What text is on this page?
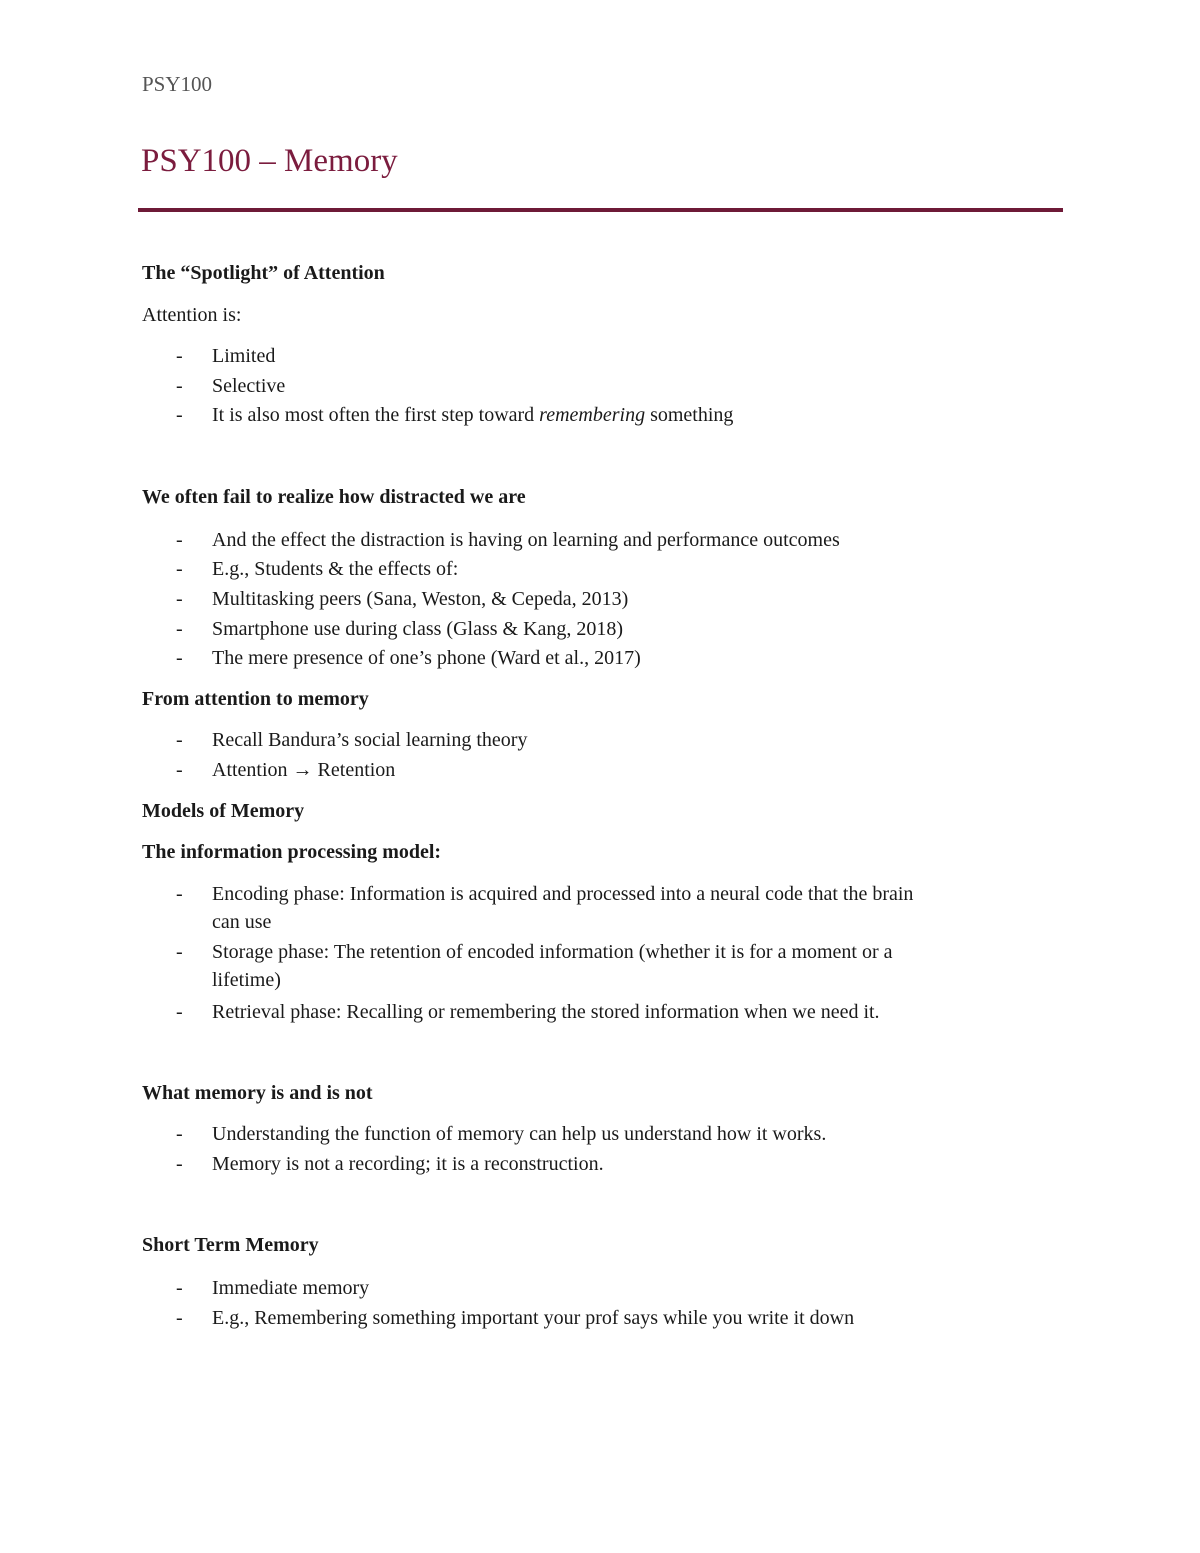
PSY100
PSY100 – Memory
The “Spotlight” of Attention
Attention is:
- Limited
- Selective
- It is also most often the first step toward remembering something
We often fail to realize how distracted we are
- And the effect the distraction is having on learning and performance outcomes
- E.g., Students & the effects of:
- Multitasking peers (Sana, Weston, & Cepeda, 2013)
- Smartphone use during class (Glass & Kang, 2018)
- The mere presence of one’s phone (Ward et al., 2017)
From attention to memory
- Recall Bandura’s social learning theory
- Attention → Retention
Models of Memory
The information processing model:
- Encoding phase: Information is acquired and processed into a neural code that the brain
can use
- Storage phase: The retention of encoded information (whether it is for a moment or a
lifetime)
- Retrieval phase: Recalling or remembering the stored information when we need it.
What memory is and is not
- Understanding the function of memory can help us understand how it works.
- Memory is not a recording; it is a reconstruction.
Short Term Memory
- Immediate memory
- E.g., Remembering something important your prof says while you write it down
